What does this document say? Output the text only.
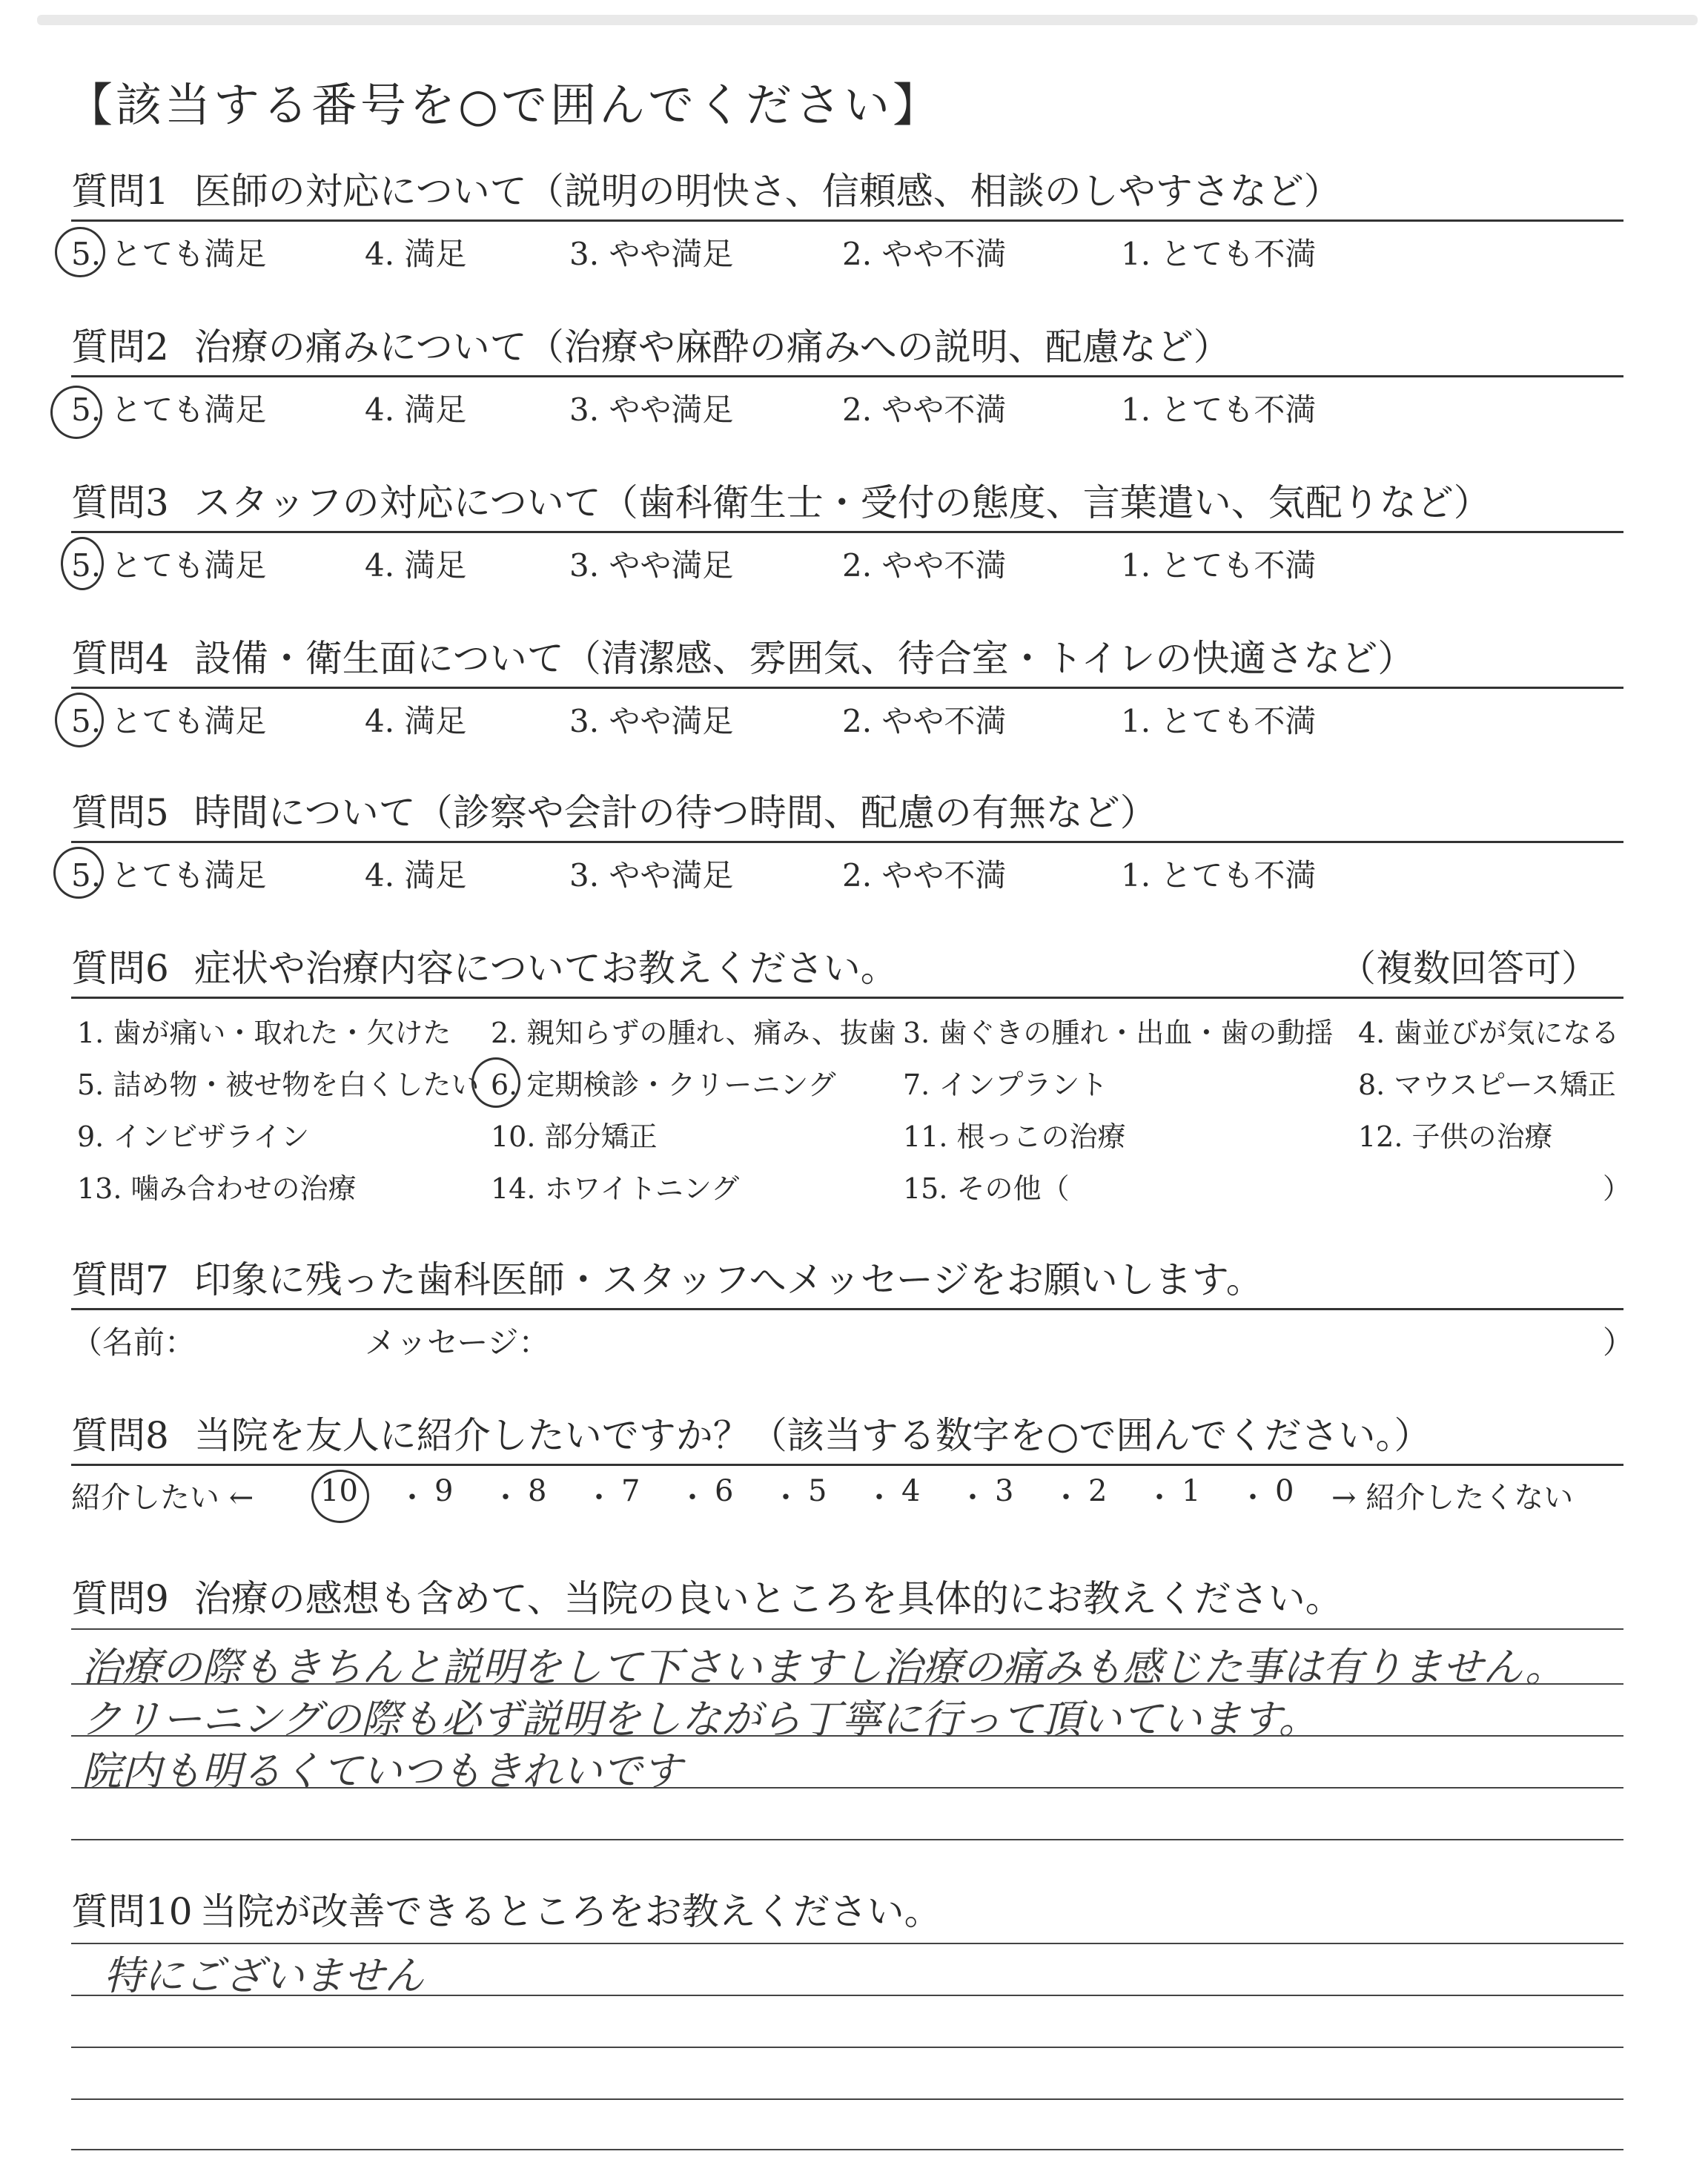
【該当する番号を○で囲んでください】
質問1 医師の対応について（説明の明快さ、信頼感、相談のしやすさなど）
5. とても満足	4. 満足	3. やや満足	2. やや不満	1. とても不満
質問2 治療の痛みについて（治療や麻酔の痛みへの説明、配慮など）
5. とても満足	4. 満足	3. やや満足	2. やや不満	1. とても不満
質問3 スタッフの対応について（歯科衛生士・受付の態度、言葉遣い、気配りなど）
5. とても満足	4. 満足	3. やや満足	2. やや不満	1. とても不満
質問4 設備・衛生面について（清潔感、雰囲気、待合室・トイレの快適さなど）
5. とても満足	4. 満足	3. やや満足	2. やや不満	1. とても不満
質問5 時間について（診察や会計の待つ時間、配慮の有無など）
5. とても満足	4. 満足	3. やや満足	2. やや不満	1. とても不満
質問6 症状や治療内容についてお教えください。	（複数回答可）
1. 歯が痛い・取れた・欠けた 2. 親知らずの腫れ、痛み、抜歯 3. 歯ぐきの腫れ・出血・歯の動揺 4. 歯並びが気になる
5. 詰め物・被せ物を白くしたい 6. 定期検診・クリーニング 7. インプラント	8. マウスピース矯正
9. インビザライン	10. 部分矯正	11. 根っこの治療	12. 子供の治療
13. 噛み合わせの治療	14. ホワイトニング	15. その他（	）
質問7 印象に残った歯科医師・スタッフへメッセージをお願いします。
（名前：	メッセージ：	）
質問8 当院を友人に紹介したいですか？（該当する数字を○で囲んでください。）
紹介したい ← 10 ・ 9 ・ 8 ・ 7 ・ 6 ・ 5 ・ 4 ・ 3 ・ 2 ・ 1 ・ 0 → 紹介したくない
質問9 治療の感想も含めて、当院の良いところを具体的にお教えください。
治療の際もきちんと説明をして下さいますし治療の痛みも感じた事は有りません。
クリーニングの際も必ず説明をしながら丁寧に行って頂いています。
院内も明るくていつもきれいです
質問10 当院が改善できるところをお教えください。
特にございません
